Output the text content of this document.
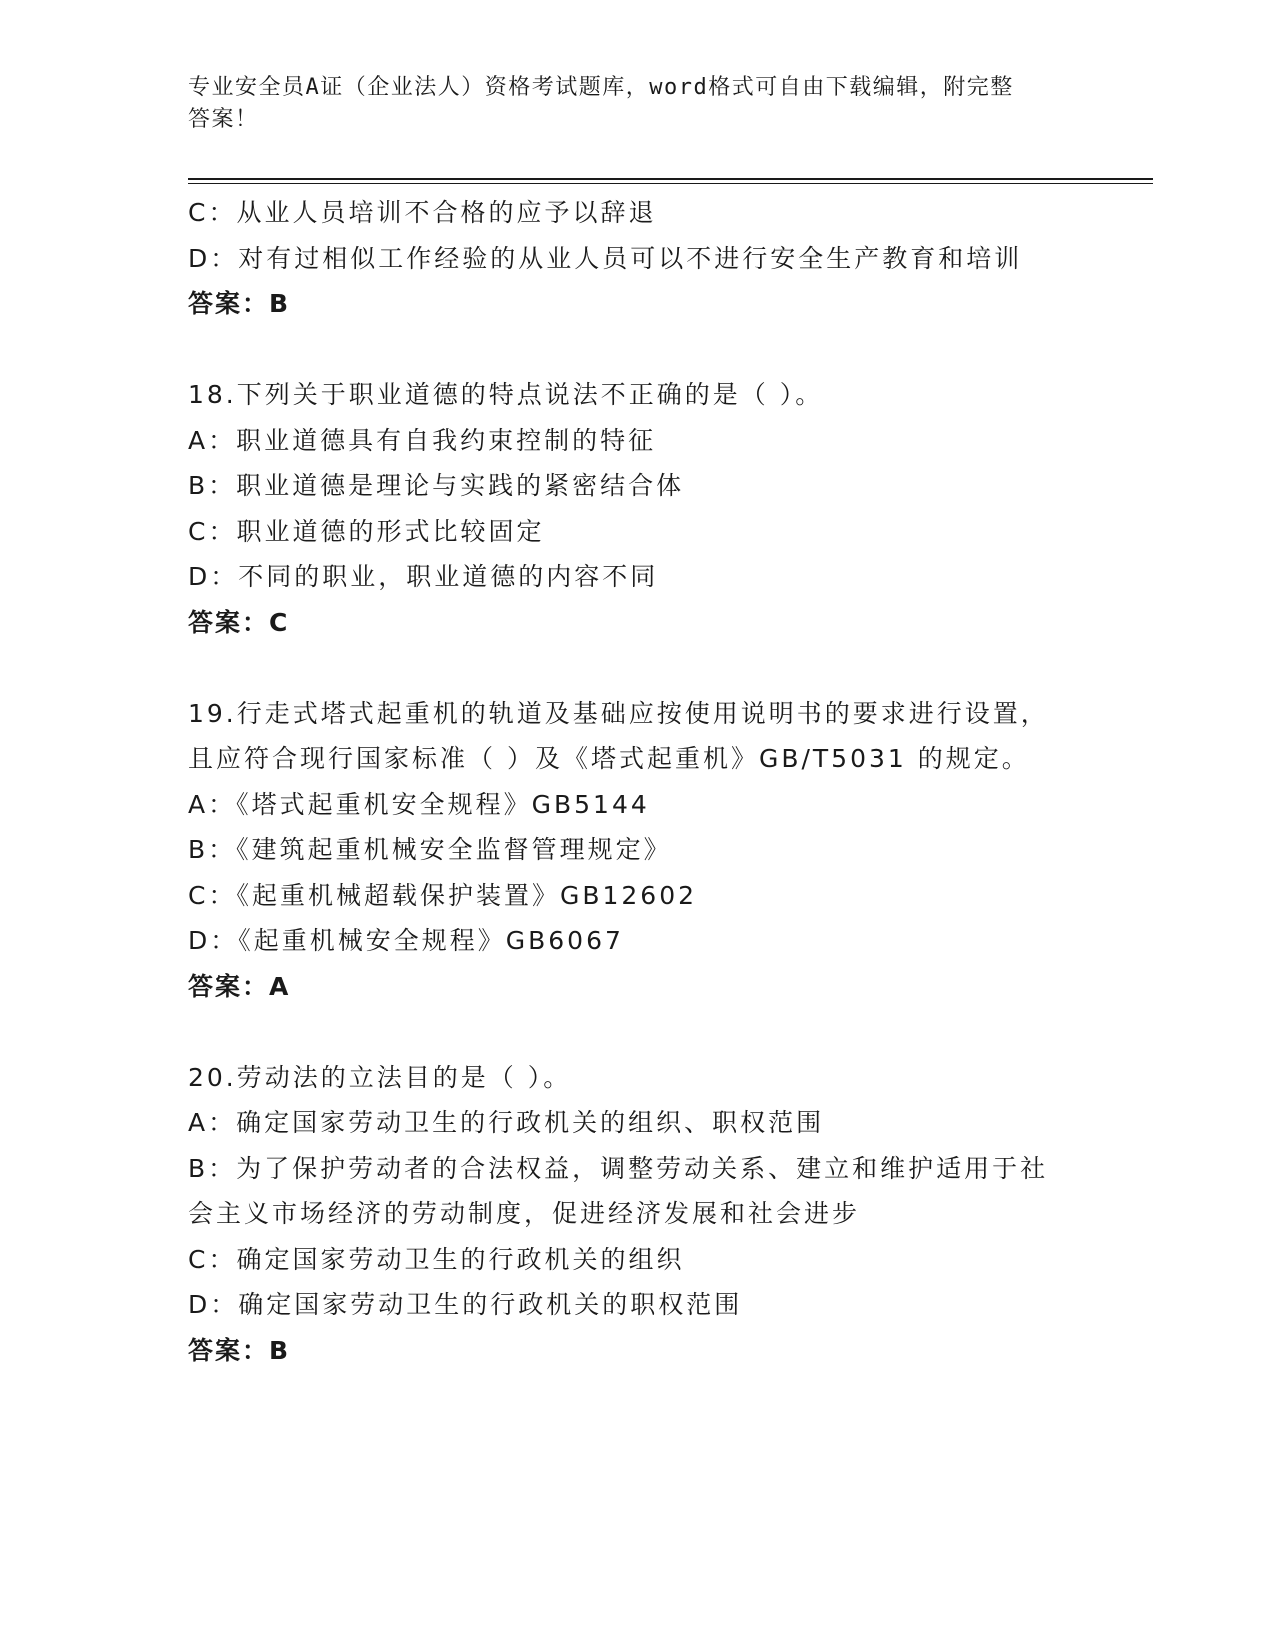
专业安全员A证（企业法人）资格考试题库，word格式可自由下载编辑，附完整
答案！
C：从业人员培训不合格的应予以辞退
D：对有过相似工作经验的从业人员可以不进行安全生产教育和培训
答案：B
18.下列关于职业道德的特点说法不正确的是（ ）。
A：职业道德具有自我约束控制的特征
B：职业道德是理论与实践的紧密结合体
C：职业道德的形式比较固定
D：不同的职业，职业道德的内容不同
答案：C
19.行走式塔式起重机的轨道及基础应按使用说明书的要求进行设置，
且应符合现行国家标准（ ）及《塔式起重机》GB/T5031 的规定。
A：《塔式起重机安全规程》GB5144
B：《建筑起重机械安全监督管理规定》
C：《起重机械超载保护装置》GB12602
D：《起重机械安全规程》GB6067
答案：A
20.劳动法的立法目的是（ ）。
A：确定国家劳动卫生的行政机关的组织、职权范围
B：为了保护劳动者的合法权益，调整劳动关系、建立和维护适用于社
会主义市场经济的劳动制度，促进经济发展和社会进步
C：确定国家劳动卫生的行政机关的组织
D：确定国家劳动卫生的行政机关的职权范围
答案：B
